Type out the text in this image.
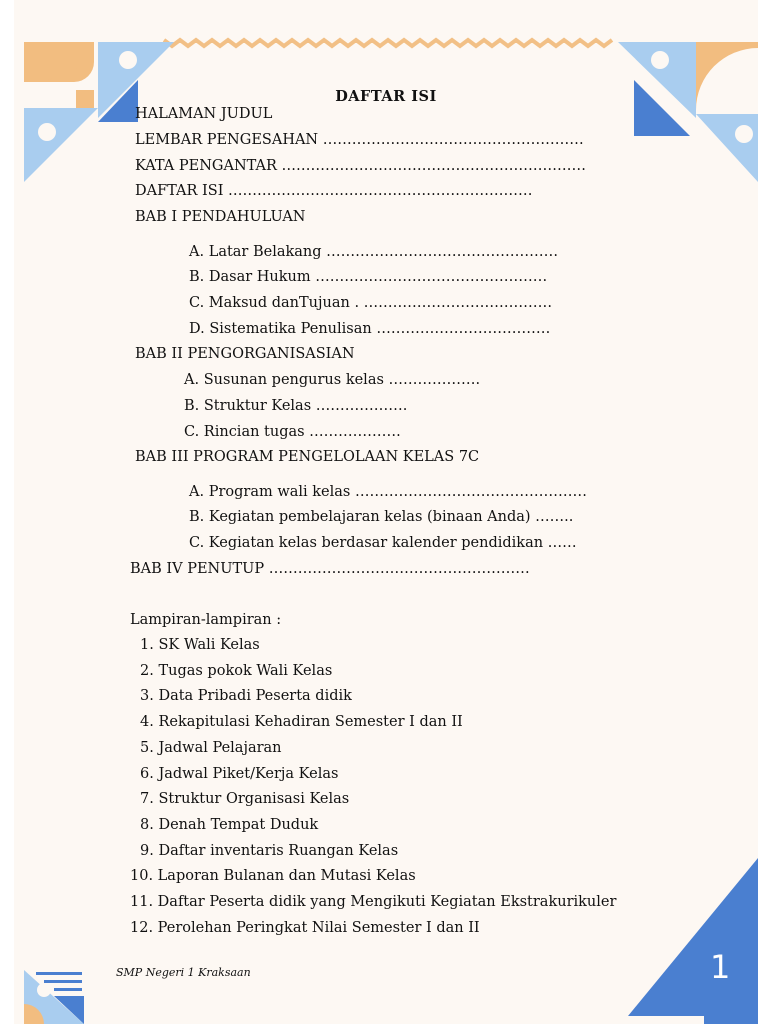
DAFTAR ISI
HALAMAN JUDUL
LEMBAR PENGESAHAN ………………………………………………
KATA PENGANTAR ………………………………………………………
DAFTAR ISI ………………………………………………………
BAB I PENDAHULUAN
A. Latar Belakang …………………………………………
B. Dasar Hukum …………………………………………
C. Maksud danTujuan . …………………………………
D. Sistematika Penulisan ………………………………
BAB II PENGORGANISASIAN
A. Susunan pengurus kelas ……………….
B. Struktur Kelas ……………….
C. Rincian tugas ……………….
BAB III PROGRAM PENGELOLAAN KELAS 7C
A. Program wali kelas …………………………………………
B. Kegiatan pembelajaran kelas (binaan Anda) ……..
C. Kegiatan kelas berdasar kalender pendidikan ……
BAB IV PENUTUP ………………………………………………
Lampiran-lampiran :
1. SK Wali Kelas
2. Tugas pokok Wali Kelas
3. Data Pribadi Peserta didik
4. Rekapitulasi Kehadiran Semester I dan II
5. Jadwal Pelajaran
6. Jadwal Piket/Kerja Kelas
7. Struktur Organisasi Kelas
8. Denah Tempat Duduk
9. Daftar inventaris Ruangan Kelas
10. Laporan Bulanan dan Mutasi Kelas
11. Daftar Peserta didik yang Mengikuti Kegiatan Ekstrakurikuler
12. Perolehan Peringkat Nilai Semester I dan II
SMP Negeri 1 Kraksaan	1
